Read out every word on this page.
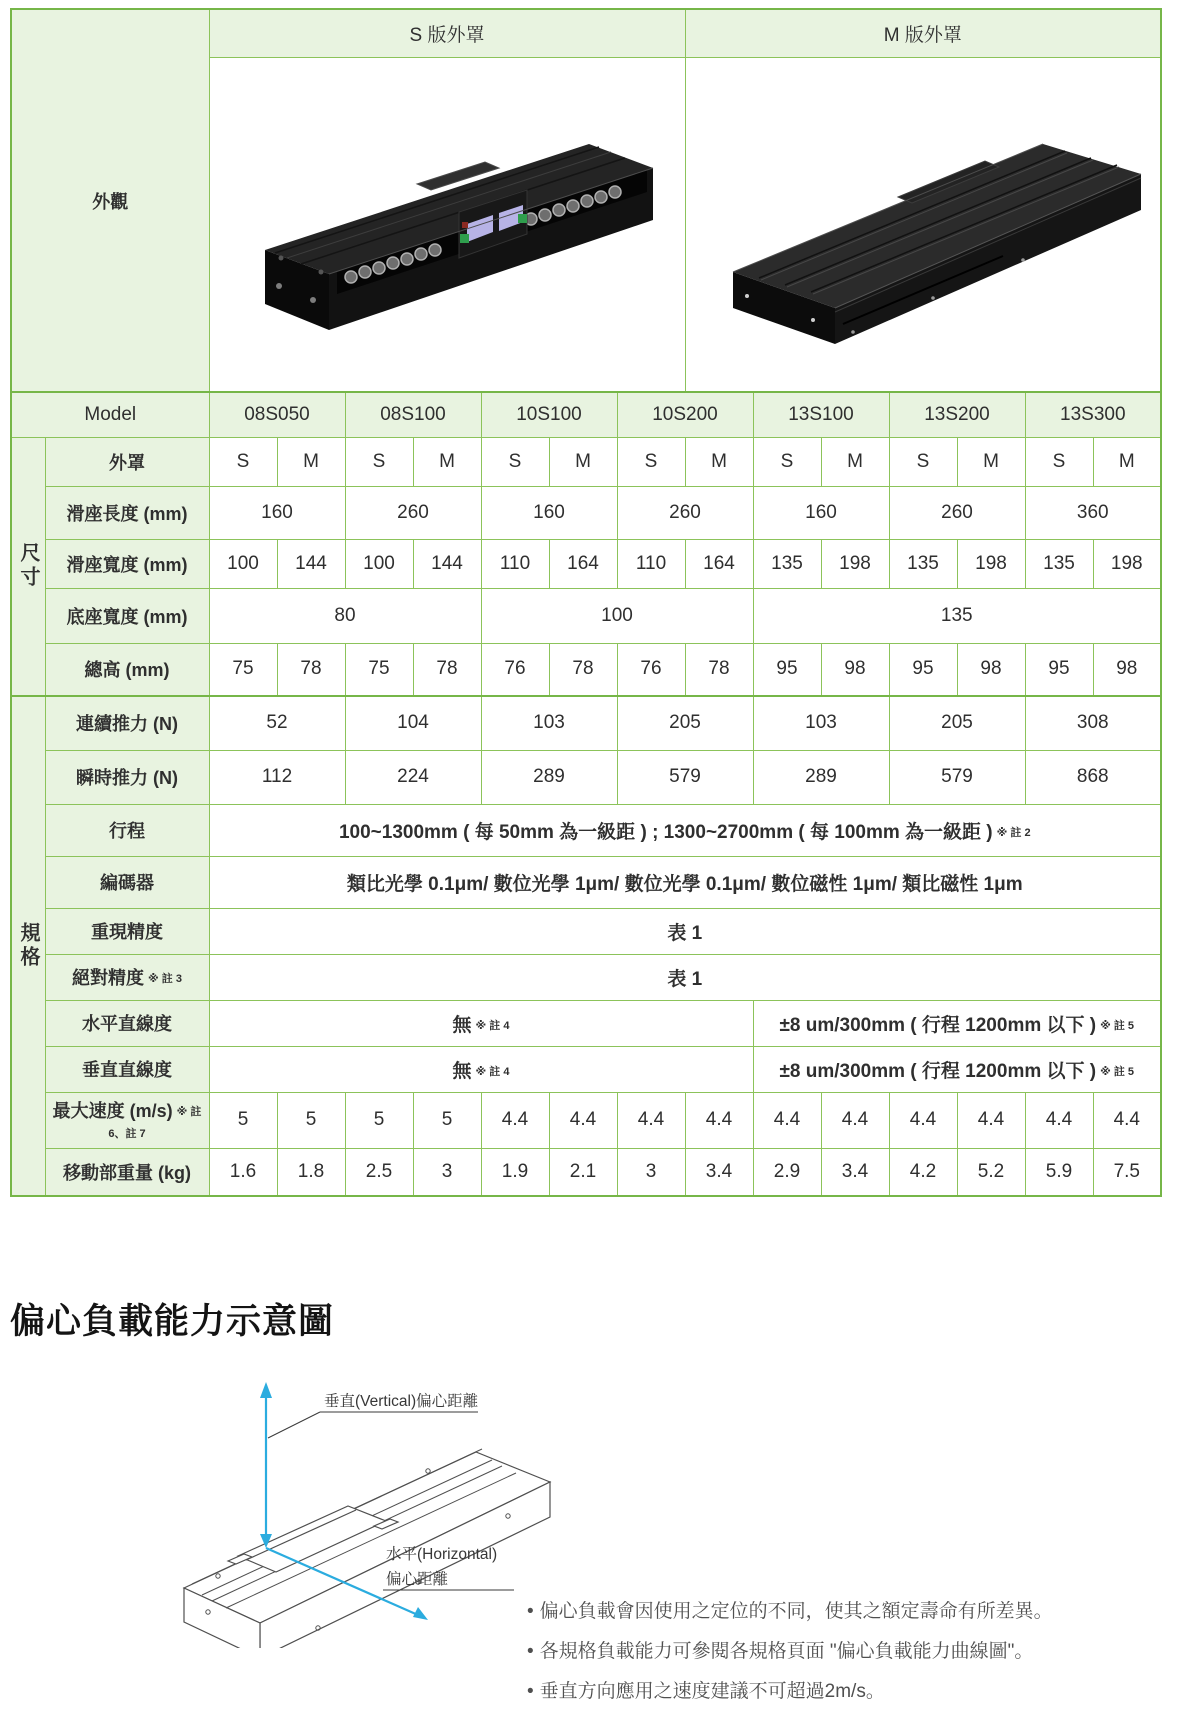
外觀		S 版外罩							M 版外罩						

Model		08S050		08S100		10S100		10S200		13S100		13S200		13S300	

尺寸	外罩	S	M	S	M	S	M	S	M	S	M	S	M	S	M
	滑座長度 (mm)	160		260		160		260		160		260		360	
	滑座寬度 (mm)	100	144	100	144	110	164	110	164	135	198	135	198	135	198
	底座寬度 (mm)	80				100				135					
	總高 (mm)	75	78	75	78	76	78	76	78	95	98	95	98	95	98

規格	連續推力 (N)	52		104		103		205		103		205		308	
	瞬時推力 (N)	112		224		289		579		289		579		868	
	行程	100~1300mm ( 每 50mm 為一級距 ) ; 1300~2700mm ( 每 100mm 為一級距 ) ※ 註 2													
	編碼器	類比光學 0.1μm/ 數位光學 1μm/ 數位光學 0.1μm/ 數位磁性 1μm/ 類比磁性 1μm													
	重現精度	表 1													
	絕對精度 ※ 註 3	表 1													
	水平直線度	無 ※ 註 4								±8 um/300mm ( 行程 1200mm 以下 ) ※ 註 5					
	垂直直線度	無 ※ 註 4								±8 um/300mm ( 行程 1200mm 以下 ) ※ 註 5					
	最大速度 (m/s) ※ 註 6、註 7	5	5	5	5	4.4	4.4	4.4	4.4	4.4	4.4	4.4	4.4	4.4	4.4
	移動部重量 (kg)	1.6	1.8	2.5	3	1.9	2.1	3	3.4	2.9	3.4	4.2	5.2	5.9	7.5
偏心負載能力示意圖
垂直(Vertical)偏心距離
水平(Horizontal)
偏心距離
• 偏心負載會因使用之定位的不同，使其之額定壽命有所差異。
• 各規格負載能力可參閱各規格頁面 "偏心負載能力曲線圖"。
• 垂直方向應用之速度建議不可超過2m/s。
